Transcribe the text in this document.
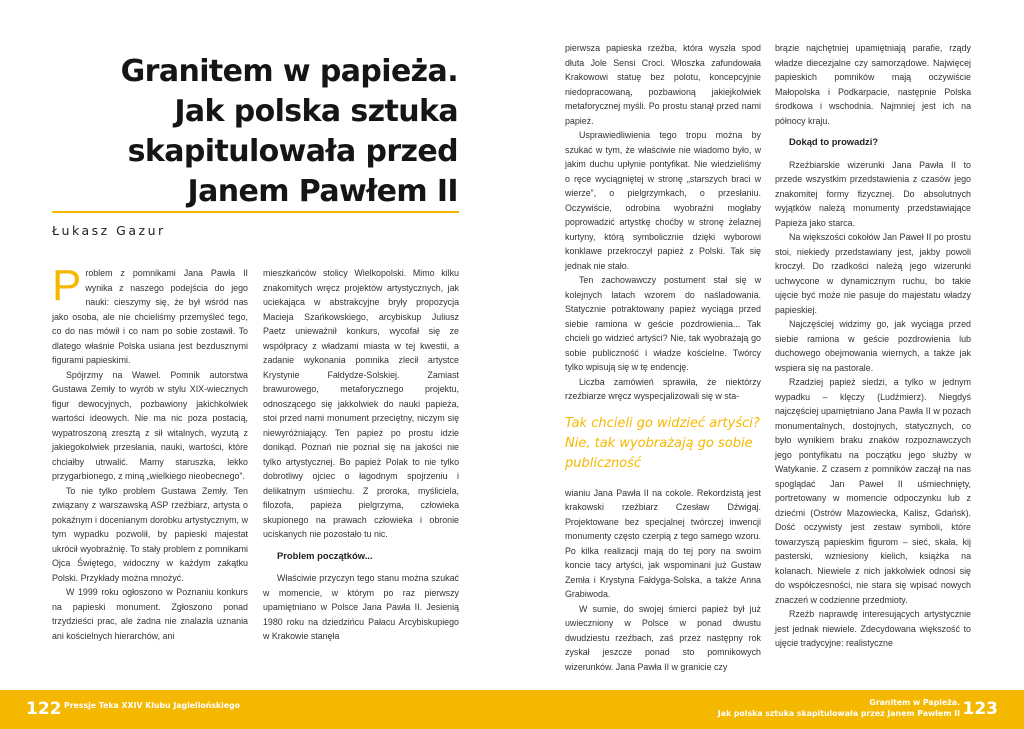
Granitem w papieża.
Jak polska sztuka
skapitulowała przed
Janem Pawłem II
Łukasz Gazur

Problem z pomnikami Jana Pawła II wynika z naszego podejścia do jego nauki: cieszymy się, że był wśród nas jako osoba, ale nie chcieliśmy przemyśleć tego, co do nas mówił i co nam po sobie zostawił. To dlatego właśnie Polska usiana jest bezdusznymi figurami papieskimi.

Spójrzmy na Wawel. Pomnik autorstwa Gustawa Zemły to wyrób w stylu XIX-wiecznych figur dewocyjnych, pozbawiony jakichkolwiek wartości ideowych. Nie ma nic poza postacią, wypatroszoną zresztą z sił witalnych, wyzutą z jakiegokolwiek przesłania, nauki, wartości, które chciałby utrwalić. Mamy staruszka, lekko przygarbionego, z miną „wielkiego nieobecnego”.

To nie tylko problem Gustawa Zemły. Ten związany z warszawską ASP rzeźbiarz, artysta o pokaźnym i docenianym dorobku artystycznym, w tym wypadku pozwolił, by papieski majestat ukrócił wyobraźnię. To stały problem z pomnikami Ojca Świętego, widoczny w każdym zakątku Polski. Przykłady można mnożyć.

W 1999 roku ogłoszono w Poznaniu konkurs na papieski monument. Zgłoszono ponad trzydzieści prac, ale żadna nie znalazła uznania ani kościelnych hierarchów, ani

mieszkańców stolicy Wielkopolski. Mimo kilku znakomitych wręcz projektów artystycznych, jak uciekająca w abstrakcyjne bryły propozycja Macieja Szańkowskiego, arcybiskup Juliusz Paetz unieważnił konkurs, wycofał się ze współpracy z władzami miasta w tej kwestii, a zadanie wykonania pomnika zlecił artystce Krystynie Fałdydze-Solskiej. Zamiast brawurowego, metaforycznego projektu, odnoszącego się jakkolwiek do nauki papieża, stoi przed nami monument przeciętny, niczym się niewyróżniający. Ten papież po prostu idzie donikąd. Poznań nie poznał się na jakości nie tylko artystycznej. Bo papież Polak to nie tylko dobrotliwy ojciec o łagodnym spojrzeniu i delikatnym uśmiechu. Z proroka, myśliciela, filozofa, papieża pielgrzyma, człowieka skupionego na prawach człowieka i obronie uciskanych nie pozostało tu nic.

Problem początków...

Właściwie przyczyn tego stanu można szukać w momencie, w którym po raz pierwszy upamiętniano w Polsce Jana Pawła II. Jesienią 1980 roku na dziedzińcu Pałacu Arcybiskupiego w Krakowie stanęła

pierwsza papieska rzeźba, która wyszła spod dłuta Jole Sensi Croci. Włoszka zafundowała Krakowowi statuę bez polotu, koncepcyjnie niedopracowaną, pozbawioną jakiejkolwiek metaforycznej myśli. Po prostu stanął przed nami papież.

Usprawiedliwienia tego tropu można by szukać w tym, że właściwie nie wiadomo było, w jakim duchu upłynie pontyfikat. Nie wiedzieliśmy o ręce wyciągniętej w stronę „starszych braci w wierze”, o pielgrzymkach, o przesłaniu. Oczywiście, odrobina wyobraźni mogłaby poprowadzić artystkę choćby w stronę żelaznej kurtyny, którą symbolicznie dzięki wyborowi konklawe przekroczył papież z Polski. Tak się jednak nie stało.

Ten zachowawczy postument stał się w kolejnych latach wzorem do naśladowania. Statycznie potraktowany papież wyciąga przed siebie ramiona w geście pozdrowienia... Tak chcieli go widzieć artyści? Nie, tak wyobrażają go sobie publiczność i władze kościelne. Twórcy tylko wpisują się w tę endencję.

Liczba zamówień sprawiła, że niektórzy rzeźbiarze wręcz wyspecjalizowali się w sta-

Tak chcieli go widzieć artyści? Nie, tak wyobrażają go sobie publiczność

wianiu Jana Pawła II na cokole. Rekordzistą jest krakowski rzeźbiarz Czesław Dźwigaj. Projektowane bez specjalnej twórczej inwencji monumenty często czerpią z tego samego wzoru. Po kilka realizacji mają do tej pory na swoim koncie tacy artyści, jak wspominani już Gustaw Zemła i Krystyna Fałdyga-Solska, a także Anna Grabiwoda.

W sumie, do swojej śmierci papież był już uwieczniony w Polsce w ponad dwustu dwudziestu rzeźbach, zaś przez następny rok zyskał jeszcze ponad sto pomnikowych wizerunków. Jana Pawła II w granicie czy

brązie najchętniej upamiętniają parafie, rządy władze diecezjalne czy samorządowe. Najwięcej papieskich pomników mają oczywiście Małopolska i Podkarpacie, następnie Polska środkowa i wschodnia. Najmniej jest ich na północy kraju.

Dokąd to prowadzi?

Rzeźbiarskie wizerunki Jana Pawła II to przede wszystkim przedstawienia z czasów jego znakomitej formy fizycznej. Do absolutnych wyjątków należą monumenty przedstawiające Papieża jako starca.

Na większości cokołów Jan Paweł II po prostu stoi, niekiedy przedstawiany jest, jakby powoli kroczył. Do rzadkości należą jego wizerunki uchwycone w dynamicznym ruchu, bo takie ujęcie być może nie pasuje do majestatu władzy papieskiej.

Najczęściej widzimy go, jak wyciąga przed siebie ramiona w geście pozdrowienia lub duchowego obejmowania wiernych, a także jak wspiera się na pastorale.

Rzadziej papież siedzi, a tylko w jednym wypadku – klęczy (Ludźmierz). Niegdyś najczęściej upamiętniano Jana Pawła II w pozach monumentalnych, dostojnych, statycznych, co było wynikiem braku znaków rozpoznawczych jego pontyfikatu na początku jego służby w Watykanie. Z czasem z pomników zaczął na nas spoglądać Jan Paweł II uśmiechnięty, portretowany w momencie odpoczynku lub z dziećmi (Ostrów Mazowiecka, Kalisz, Gdańsk). Dość oczywisty jest zestaw symboli, które towarzyszą papieskim figurom – sieć, skała, kij pasterski, wzniesiony kielich, książka na kolanach. Niewiele z nich jakkolwiek odnosi się do współczesności, nie stara się wpisać nowych znaczeń w codzienne przedmioty.

Rzeźb naprawdę interesujących artystycznie jest jednak niewiele. Zdecydowana większość to ujęcie tradycyjne: realistyczne

122 Pressje Teka XXIV Klubu Jagiellońskiego	Granitem w Papieża.
Jak polska sztuka skapitulowała przez Janem Pawłem II 123
